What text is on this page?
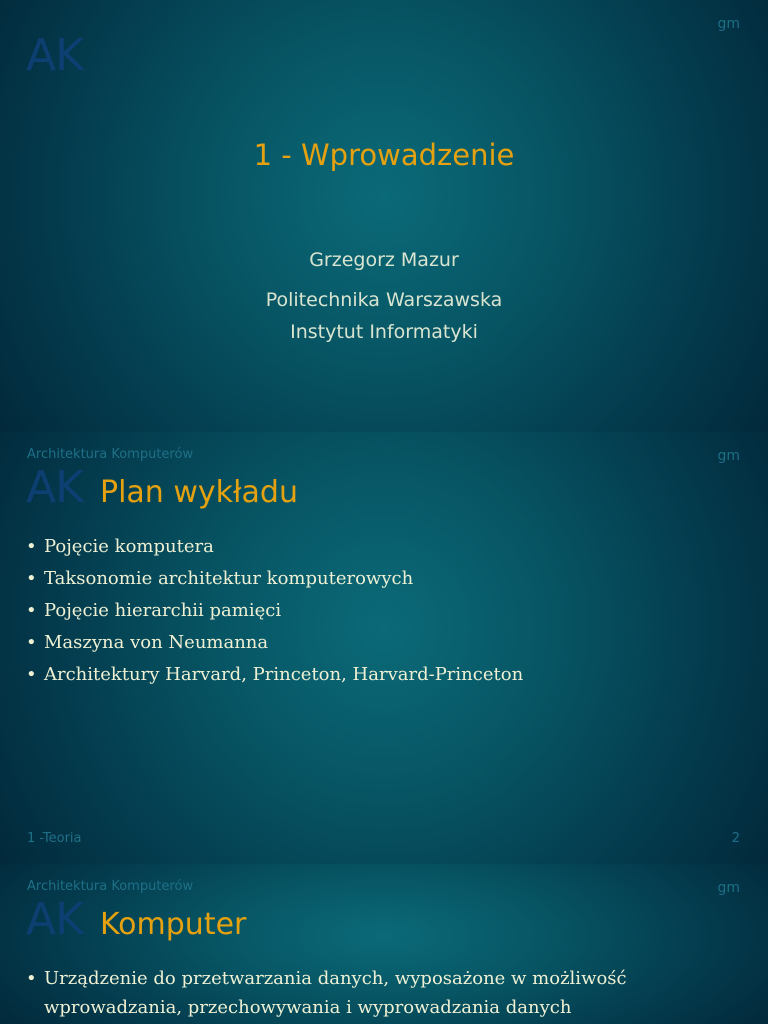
AK
gm
1 - Wprowadzenie
Grzegorz Mazur
Politechnika Warszawska
Instytut Informatyki
Architektura Komputerów	gm
AK Plan wykładu
• Pojęcie komputera
• Taksonomie architektur komputerowych
• Pojęcie hierarchii pamięci
• Maszyna von Neumanna
• Architektury Harvard, Princeton, Harvard-Princeton
1 -Teoria	2
Architektura Komputerów	gm
AK Komputer
• Urządzenie do przetwarzania danych, wyposażone w możliwość
wprowadzania, przechowywania i wyprowadzania danych
